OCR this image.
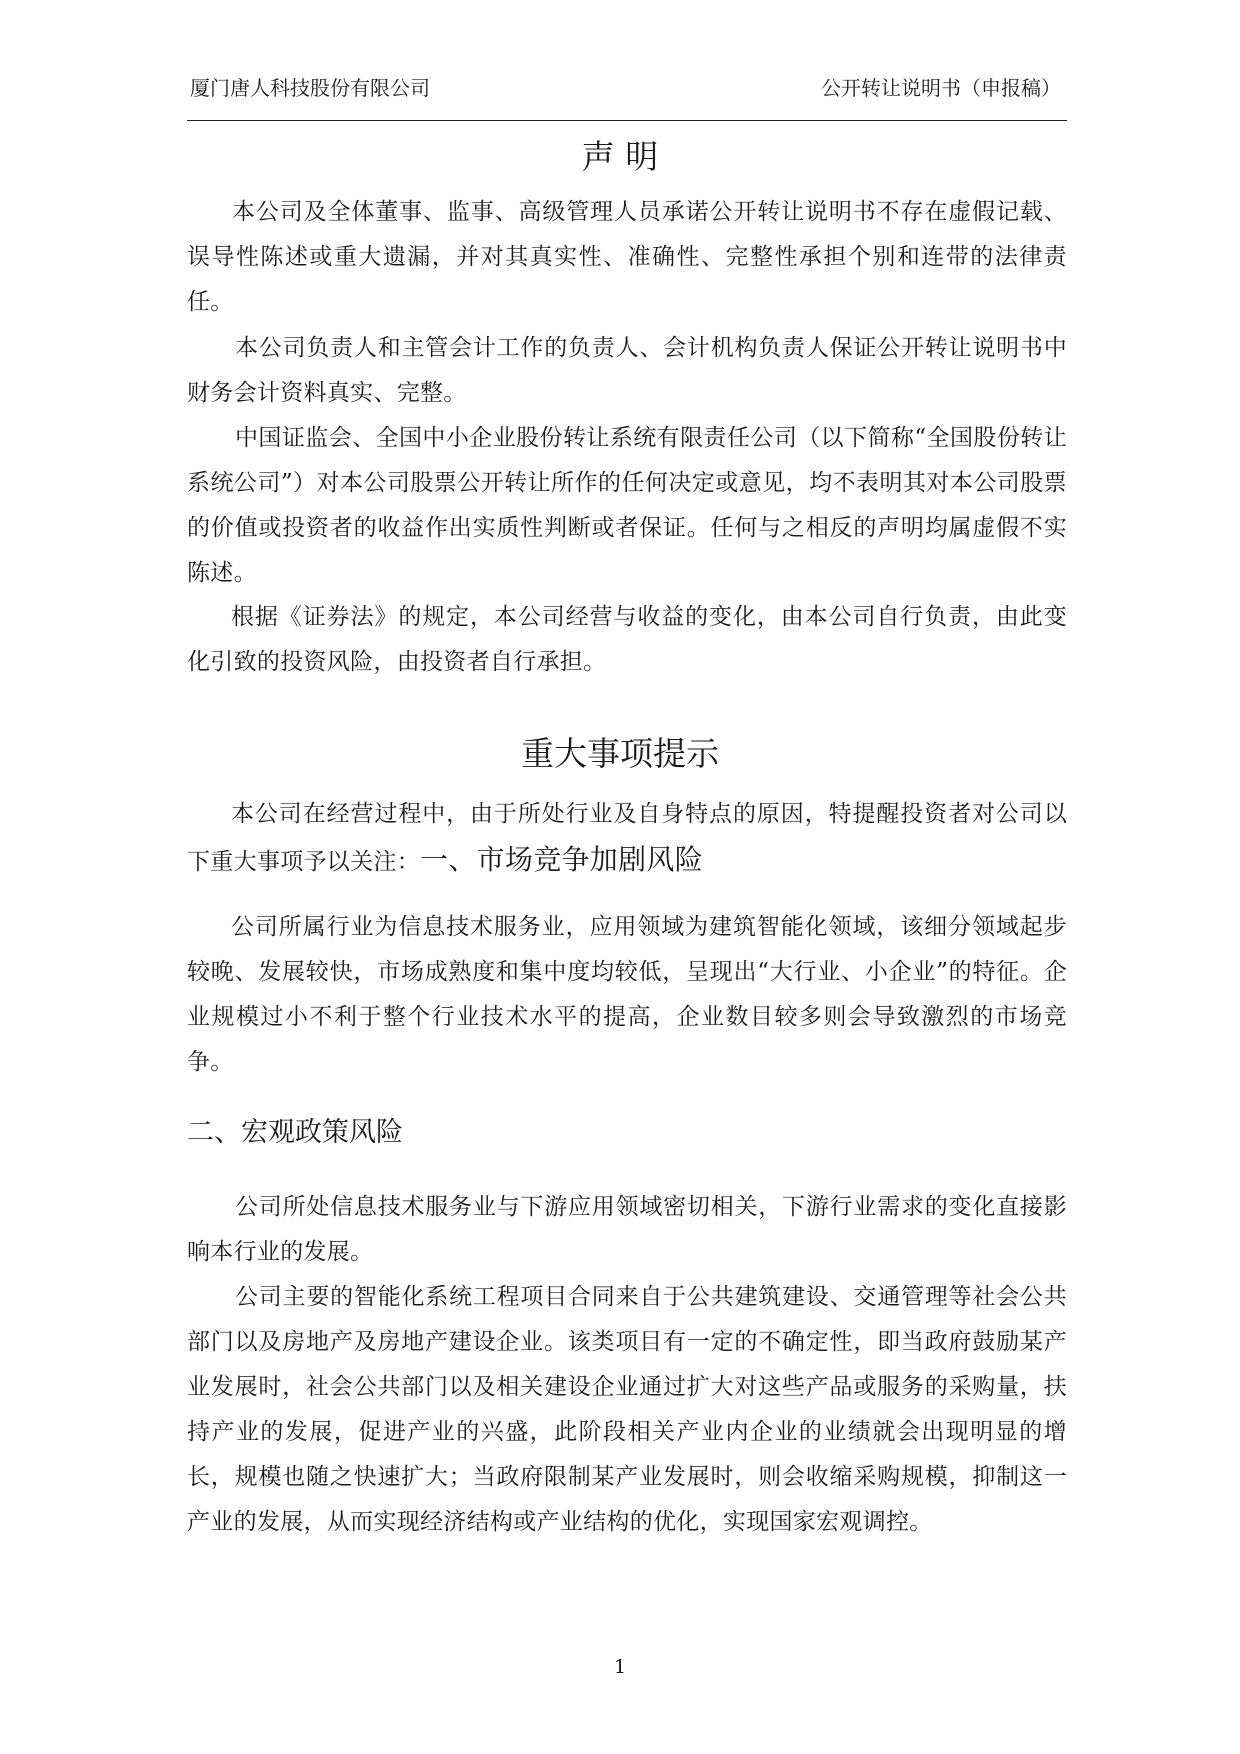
厦门唐人科技股份有限公司	公开转让说明书（申报稿）
声 明
本公司及全体董事、监事、高级管理人员承诺公开转让说明书不存在虚假记载、误导性陈述或重大遗漏，并对其真实性、准确性、完整性承担个别和连带的法律责任。
本公司负责人和主管会计工作的负责人、会计机构负责人保证公开转让说明书中财务会计资料真实、完整。
中国证监会、全国中小企业股份转让系统有限责任公司（以下简称“全国股份转让系统公司”）对本公司股票公开转让所作的任何决定或意见，均不表明其对本公司股票的价值或投资者的收益作出实质性判断或者保证。任何与之相反的声明均属虚假不实陈述。
根据《证券法》的规定，本公司经营与收益的变化，由本公司自行负责，由此变化引致的投资风险，由投资者自行承担。
重大事项提示
本公司在经营过程中，由于所处行业及自身特点的原因，特提醒投资者对公司以下重大事项予以关注：一、市场竞争加剧风险
公司所属行业为信息技术服务业，应用领域为建筑智能化领域，该细分领域起步较晚、发展较快，市场成熟度和集中度均较低，呈现出“大行业、小企业”的特征。企业规模过小不利于整个行业技术水平的提高，企业数目较多则会导致激烈的市场竞争。
二、宏观政策风险
公司所处信息技术服务业与下游应用领域密切相关，下游行业需求的变化直接影响本行业的发展。
公司主要的智能化系统工程项目合同来自于公共建筑建设、交通管理等社会公共部门以及房地产及房地产建设企业。该类项目有一定的不确定性，即当政府鼓励某产业发展时，社会公共部门以及相关建设企业通过扩大对这些产品或服务的采购量，扶持产业的发展，促进产业的兴盛，此阶段相关产业内企业的业绩就会出现明显的增长，规模也随之快速扩大；当政府限制某产业发展时，则会收缩采购规模，抑制这一产业的发展，从而实现经济结构或产业结构的优化，实现国家宏观调控。
1
